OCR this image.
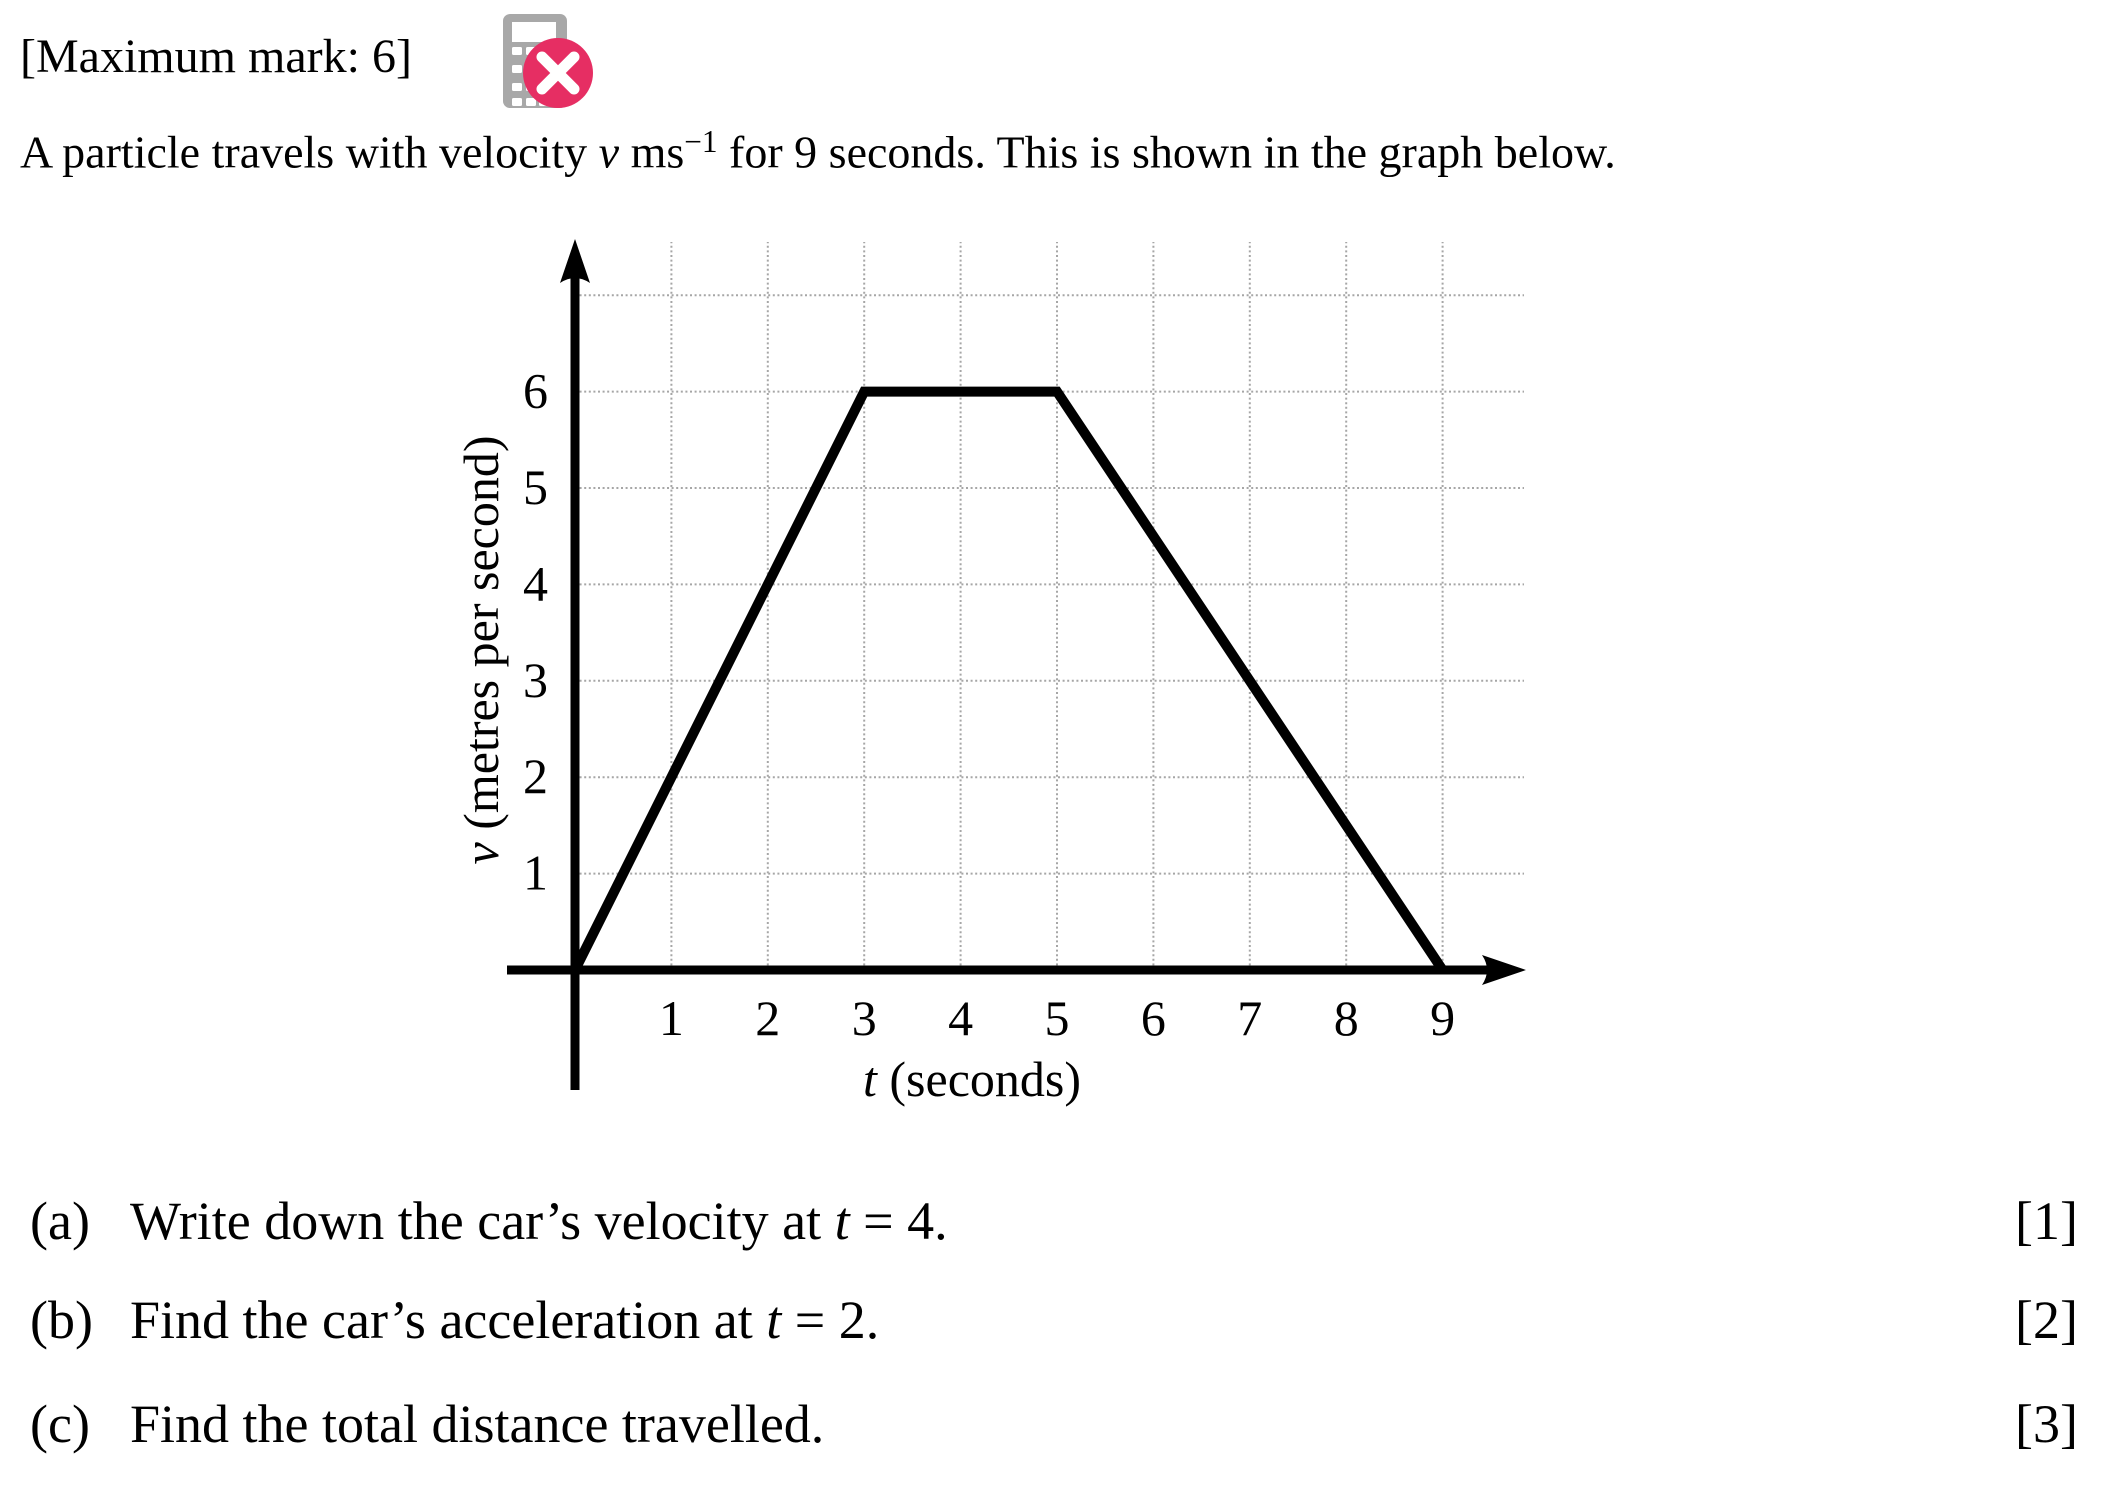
[Maximum mark: 6]
A particle travels with velocity v $ms^{-1}$ for 9 seconds. This is shown in the graph below.
1 2 3 4 5 6 7 8 9
1
2
3
4
5
6
t (seconds)
v (metres per second)
(a) Write down the car’s velocity at t = 4.	[1]
(b) Find the car’s acceleration at t = 2.	[2]
(c) Find the total distance travelled.	[3]
